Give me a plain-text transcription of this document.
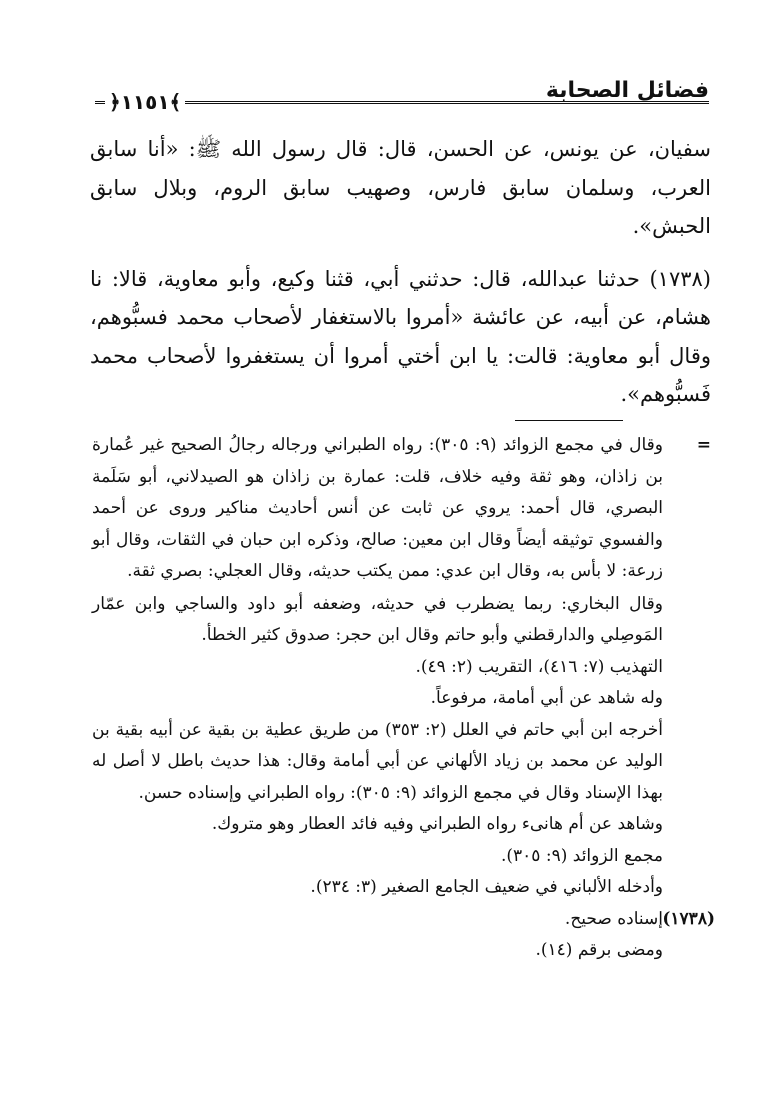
فضائل الصحابة
﴿١١٥١﴾

سفيان، عن يونس، عن الحسن، قال: قال رسول الله ﷺ: «أنا سابق العرب، وسلمان سابق فارس، وصهيب سابق الروم، وبلال سابق الحبش».

(١٧٣٨) حدثنا عبدالله، قال: حدثني أبي، قثنا وكيع، وأبو معاوية، قالا: نا هشام، عن أبيه، عن عائشة «أمروا بالاستغفار لأصحاب محمد فسبُّوهم، وقال أبو معاوية: قالت: يا ابن أختي أمروا أن يستغفروا لأصحاب محمد فَسبُّوهم».

=
وقال في مجمع الزوائد (٩: ٣٠٥): رواه الطبراني ورجاله رجالُ الصحيح غير عُمارة بن زاذان، وهو ثقة وفيه خلاف، قلت: عمارة بن زاذان هو الصيدلاني، أبو سَلَمة البصري، قال أحمد: يروي عن ثابت عن أنس أحاديث مناكير وروى عن أحمد والفسوي توثيقه أيضاً وقال ابن معين: صالح، وذكره ابن حبان في الثقات، وقال أبو زرعة: لا بأس به، وقال ابن عدي: ممن يكتب حديثه، وقال العجلي: بصري ثقة.
وقال البخاري: ربما يضطرب في حديثه، وضعفه أبو داود والساجي وابن عمّار المَوصِلي والدارقطني وأبو حاتم وقال ابن حجر: صدوق كثير الخطأ.
التهذيب (٧: ٤١٦)، التقريب (٢: ٤٩).
وله شاهد عن أبي أمامة، مرفوعاً.
أخرجه ابن أبي حاتم في العلل (٢: ٣٥٣) من طريق عطية بن بقية عن أبيه بقية بن الوليد عن محمد بن زياد الألهاني عن أبي أمامة وقال: هذا حديث باطل لا أصل له بهذا الإسناد وقال في مجمع الزوائد (٩: ٣٠٥): رواه الطبراني وإسناده حسن.
وشاهد عن أم هانىء رواه الطبراني وفيه فائد العطار وهو متروك.
مجمع الزوائد (٩: ٣٠٥).
وأدخله الألباني في ضعيف الجامع الصغير (٣: ٢٣٤).
(١٧٣٨)
إسناده صحيح.
ومضى برقم (١٤).
